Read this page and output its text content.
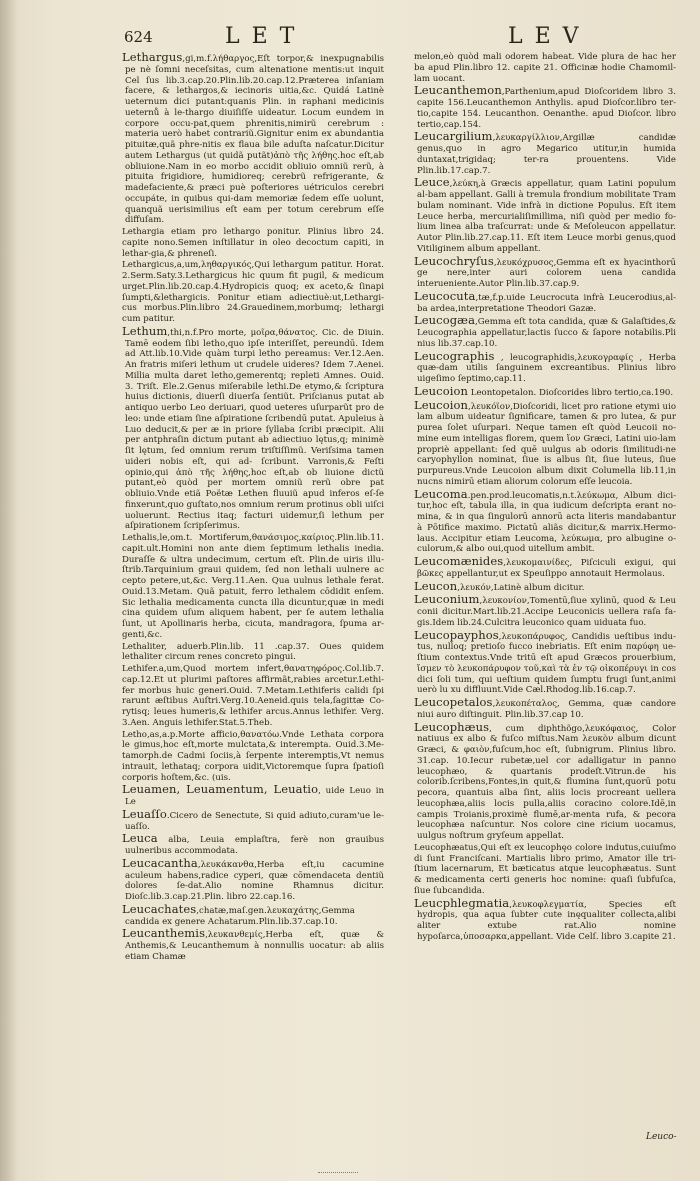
624	LET	LEV

Lethargus,gi,m.f.λήθαργος,Eſt torpor,& inexpugnabilis pe nè ſomni neceſsitas, cum altenatione mentis:ut inquit Cel ſus lib.3.cap.20.Plin.lib.20.cap.12.Præterea inſaniam facere, & lethargos,& iecinoris uitia,&c. Quidá Latinè ueternum dici putant:quanis Plin. in raphani medicinis ueternů à le-thargo diuiſiſſe uideatur. Locum eundem in corpore occu-pat,quem phrenitis,nimirũ cerebrum : materia uerò habet contrariũ.Gignitur enim ex abundantia pituitæ,quã phre-nitis ex flaua bile aduſta naſcatur.Dicitur autem Lethargus (ut quidã putãt)ἀπὸ τῆς λήθης.hoc eſt,ab obliuione.Nam in eo morbo accidit obliuio omniũ rerũ, à pituita frigidiore, humidioreq; cerebrũ refrigerante, & madefaciente,& præci puè poſteriores uétriculos cerebri occupáte, in quibus qui-dam memoriæ ſedem eſſe uolunt, quanquã uerisimilius eſt eam per totum cerebrum eſſe diffuſam.

Lethargia etiam pro lethargo ponitur. Plinius libro 24. capite nono.Semen inſtillatur in oleo decoctum capiti, in lethar-gia,& phreneſi.

Lethargicus,a,um,ληθαργικός,Qui lethargum patitur. Horat. 2.Serm.Saty.3.Lethargicus hic quum fit pugil, & medicum urget.Plin.lib.20.cap.4.Hydropicis quoq; ex aceto,& ſinapi ſumpti,&lethargicis. Ponitur etiam adiectiuè:ut,Lethargi-cus morbus.Plin.libro 24.Grauedinem,morbumq; lethargi cum patitur.

Lethum,thi,n.f.Pro morte, μοῖρα,θάνατος. Cic. de Diuin. Tamē eodem ſibi letho,quo ipſe interiſſet, pereundū. Idem ad Att.lib.10.Vide quàm turpi letho pereamus: Ver.12.Aen. An fratris miſeri lethum ut crudele uideres? Idem 7.Aenei. Millia multa daret letho,gemerentq; repleti Amnes. Ouid. 3. Triſt. Ele.2.Genus miſerabile lethi.De etymo,& ſcriptura huius dictionis, diuerſi diuerſa ſentiũt. Priſcianus putat ab antiquo uerbo Leo deriuari, quod ueteres uſurparũt pro de leo: unde etiam ſine aſpiratione ſcribendū putat. Apuleius à Luo deducit,& per æ in priore ſyllaba ſcribi præcipit. Alii per antphraſin dictum putant ab adiectiuo lętus,q; minimè ſit lętum, ſed omnium rerum triſtiſſimũ. Veriſsima tamen uideri nobis eſt, qui ad- ſcribunt. Varronis,& Feſti opinio,qui ἀπὸ τῆς λήθης,hoc eſt,ab ob liuione dictũ putant,eò quòd per mortem omniũ rerũ obre pat obliuio.Vnde etiã Poëtæ Lethen fluuiũ apud inferos eſ-ſe finxerunt,quo guſtato,nos omnium rerum protinus obli uiſci uoluerunt. Rectius itaq; facturi uidemur,ſi lethum per aſpirationem ſcripſerimus.

Lethalis,le,om.t. Mortiferum,θανάσιμος,καίριος.Plin.lib.11. capit.ult.Homini non ante diem ſeptimum lethalis inedia. Duraſſe & ultra undecimum, certum eſt. Plin.de uiris illu-ſtrib.Tarquinium graui quidem, ſed non lethali uulnere ac cepto petere,ut,&c. Verg.11.Aen. Qua uulnus lethale ferat. Ouid.13.Metam. Quã patuit, ferro lethalem cōdidit enſem. Sic lethalia medicamenta cuncta illa dicuntur,quæ in medi cina quidem uſum aliquem habent, per ſe autem lethalia ſunt, ut Apollinaris herba, cicuta, mandragora, ſpuma ar-genti,&c.

Lethaliter, aduerb.Plin.lib. 11 .cap.37. Oues quidem lethaliter circum renes concreto pingui.

Lethifer.a,um,Quod mortem infert,θανατηφόρος.Col.lib.7. cap.12.Et ut plurimi paſtores affirmãt,rabies arcetur.Lethi-fer morbus huic generi.Ouid. 7.Metam.Lethiferis calidi ſpi rarunt æſtibus Auſtri.Verg.10.Aeneid.quis tela,ſagittæ Co-rytisq; leues humeris,& lethifer arcus.Annus lethifer. Verg. 3.Aen. Anguis lethifer.Stat.5.Theb.

Letho,as,a.p.Morte afficio,θανατόω.Vnde Lethata corpora le gimus,hoc eſt,morte mulctata,& interempta. Ouid.3.Me-tamorph.de Cadmi ſociis,à ſerpente interemptis,Vt nemus intrauit, lethataq; corpora uidit,Victoremque ſupra ſpatioſi corporis hoſtem,&c. (uis.

Leuamen, Leuamentum, Leuatio, uide Leuo in Le

Leuaſſo.Cicero de Senectute, Si quid adiuto,curam'ue le-uaſſo.

Leuca alba, Leuia emplaſtra, ferè non grauibus uulneribus accommodata.

Leucacantha,λευκάκανθα,Herba eſt,iu cacumine aculeum habens,radice cyperi, quæ cōmendaceta dentiũ dolores ſe-dat.Alio nomine Rhamnus dicitur. Dioſc.lib.3.cap.21.Plin. libro 22.cap.16.

Leucachates,chatæ,maſ.gen.λευκαχάτης,Gemma candida ex genere Achatarum.Plin.lib.37.cap.10.

Leucanthemis,λευκανθεμίς,Herba eſt, quæ & Anthemis,& Leucanthemum à nonnullis uocatur: ab aliis etiam Chamæ

melon,eò quòd mali odorem habeat. Vide plura de hac her ba apud Plin.libro 12. capite 21. Officinæ hodie Chamomil-lam uocant.

Leucanthemon,Parthenium,apud Dioſcoridem libro 3. capite 156.Leucanthemon Anthylis. apud Dioſcor.libro ter-tio,capite 154. Leucanthon. Oenanthe. apud Dioſcor. libro tertio,cap.154.

Leucargilium,λευκαργίλλιον,Argillæ candidæ genus,quo in agro Megarico utitur,in humida duntaxat,trigidaq; ter-ra prouentens. Vide Plin.lib.17.cap.7.

Leuce,λεύκη,à Græcis appellatur, quam Latini populum al-bam appellant. Galli à tremula frondium mobilitate Tram bulam nominant. Vide infrà in dictione Populus. Eſt item Leuce herba, mercurialiſimillima, niſi quòd per medio fo-lium linea alba traſcurrat: unde & Meſoleucon appellatur. Autor Plin.lib.27.cap.11. Eſt item Leuce morbi genus,quod Vitiliginem album appellant.

Leucochryſus,λευκόχρυσος,Gemma eſt ex hyacinthorū ge nere,inter auri colorem uena candida interueniente.Autor Plin.lib.37.cap.9.

Leucocuta,tæ,f.p.uide Leucrocuta infrà Leucerodius,al-ba ardea,interpretatione Theodori Gazæ.

Leucogæa,Gemma eſt tota candida, quæ & Galaſtides,& Leucographia appellatur,lactis ſucco & ſapore notabilis.Pli nius lib.37.cap.10.

Leucographis , leucographidis,λευκογραφίς , Herba quæ-dam utilis ſanguinem excreantibus. Plinius libro uigeſimo ſeptimo,cap.11.

Leucoion Leontopetalon. Dioſcorides libro tertio,ca.190.

Leucoion,λευκόϊον,Dioſcoridi, licet pro ratione etymi uio lam album uideatur ſignificare, tamen & pro lutea, & pur purea ſolet uſurpari. Neque tamen eſt quòd Leucoii no-mine eum intelligas florem, quem ἴον Græci, Latini uio-lam propriè appellant: ſed quē uulgus ab odoris ſimilitudi-ne caryophyllon nominat, ſiue is albus ſit, ſiue luteus, ſiue purpureus.Vnde Leucoion album dixit Columella lib.11,in nucns nimirū etiam aliorum colorum eſſe leucoia.

Leucoma.pen.prod.leucomatis,n.t.λεύκωμα, Album dici-tur,hoc eſt, tabula illa, in qua iudicum deſcripta erant no-mina, & in qua ſingulorū annorū acta literis mandabantur à Pōtifice maximo. Pictatū aliãs dicitur,& marrix.Hermo-laus. Accipitur etiam Leucoma, λεύκωμα, pro albugine o-culorum,& albo oui,quod uitellum ambit.

Leucomænides,λευκομαινίδες, Piſciculi exigui, qui βῶκες appellantur,ut ex Speuſippo annotauit Hermolaus.

Leucon,λευκόν,Latinè album dicitur.

Leuconium,λευκονίον,Tomentū,ſiue xylinū, quod & Leu conii dicitur.Mart.lib.21.Accipe Leuconicis uellera raſa fa-gis.Idem lib.24.Culcitra leuconico quam uiduata fuo.

Leucopayphos,λευκοπάρυφος, Candidis ueſtibus indu-tus, nulloq; pretioſo fucco inebriatis. Eſt enim παρύφη ue-ſtium contextus.Vnde tritū eſt apud Græcos prouerbium, ἴσμεν τὸ λευκοπάρυφον τοῦ,καὶ τὰ ἐν τῷ οἰκοπέρυγι in cos dici ſoli tum, qui ueſtium quidem ſumptu frugi ſunt,animi uerò lu xu diffluunt.Vide Cæl.Rhodog.lib.16.cap.7.

Leucopetalos,λευκοπέταλος, Gemma, quæ candore niui auro diſtinguit. Plin.lib.37.cap 10.

Leucophæus, cum diphthõgo,λευκόφαιος, Color natiuus ex albo & fuſco miſtus.Nam λευκὸν album dicunt Græci, & φαιὸν,fuſcum,hoc eſt, ſubnigrum. Plinius libro. 31.cap. 10.Iecur rubetæ,uel cor adalligatur in panno leucophæo, & quartanis prodeſt.Vitrun.de his colorib.ſcribens,Fontes,in quit,& flumina ſunt,quorū potu pecora, quantuis alba ſint, aliis locis procreant uellera leucophæa,aliis locis pulla,aliis coracino colore.Idē,in campis Troianis,proximè flumē,ar-menta rufa, & pecora leucophæa naſcuntur. Nos colore cine ricium uocamus, uulgus noſtrum gryſeum appellat.

Leucophæatus,Qui eſt ex leucophęo colore indutus,cuiuſmo di ſunt Franciſcani. Martialis libro primo, Amator ille tri-ſtium lacernarum, Et bæticatus atque leucophæatus. Sunt & medicamenta certi generis hoc nomine: quaſi ſubfuſca, ſiue ſubcandida.

Leucphlegmatia,λευκοφλεγματία, Species eſt hydropis, qua aqua ſubter cute inęqualiter collecta,alibi aliter extube rat.Alio nomine hypoſarca,ὑποσαρκα,appellant. Vide Celſ. libro 3.capite 21.

Leuco-
